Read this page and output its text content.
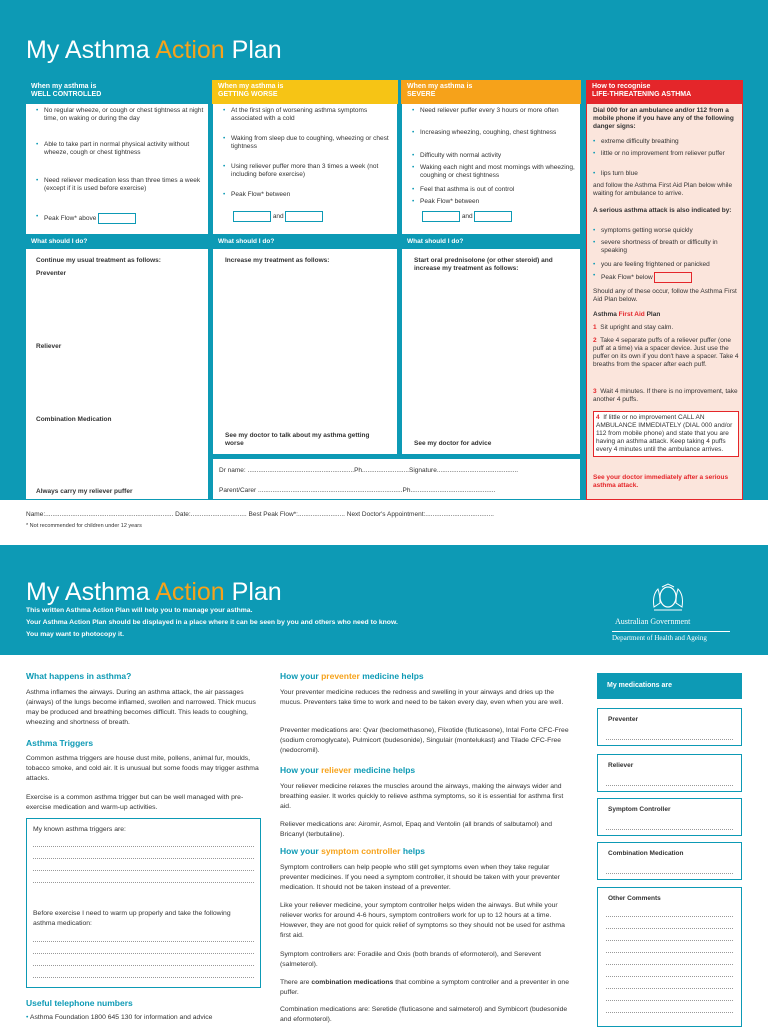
My Asthma Action Plan
When my asthma is
WELL CONTROLLED
• No regular wheeze, or cough or chest tightness at night time, on waking or during the day
• Able to take part in normal physical activity without wheeze, cough or chest tightness
• Need reliever medication less than three times a week (except if it is used before exercise)
• Peak Flow* above
What should I do?
Continue my usual treatment as follows:
Preventer
Reliever
Combination Medication
Always carry my reliever puffer
When my asthma is
GETTING WORSE
• At the first sign of worsening asthma symptoms associated with a cold
• Waking from sleep due to coughing, wheezing or chest tightness
• Using reliever puffer more than 3 times a week (not including before exercise)
• Peak Flow* between
and
What should I do?
Increase my treatment as follows:
See my doctor to talk about my asthma getting worse
When my asthma is
SEVERE
• Need reliever puffer every 3 hours or more often
• Increasing wheezing, coughing, chest tightness
• Difficulty with normal activity
• Waking each night and most mornings with wheezing, coughing or chest tightness
• Feel that asthma is out of control
• Peak Flow* between
and
What should I do?
Start oral prednisolone (or other steroid) and increase my treatment as follows:
See my doctor for advice
How to recognise
LIFE-THREATENING ASTHMA
Dial 000 for an ambulance and/or 112 from a mobile phone if you have any of the following danger signs:
• extreme difficulty breathing
• little or no improvement from reliever puffer
• lips turn blue
and follow the Asthma First Aid Plan below while waiting for ambulance to arrive.
A serious asthma attack is also indicated by:
• symptoms getting worse quickly
• severe shortness of breath or difficulty in speaking
• you are feeling frightened or panicked
• Peak Flow* below
Should any of these occur, follow the Asthma First Aid Plan below.
Asthma First Aid Plan
1 Sit upright and stay calm.
2 Take 4 separate puffs of a reliever puffer (one puff at a time) via a spacer device. Just use the puffer on its own if you don't have a spacer. Take 4 breaths from the spacer after each puff.
3 Wait 4 minutes. If there is no improvement, take another 4 puffs.
4 If little or no improvement CALL AN AMBULANCE IMMEDIATELY (DIAL 000 and/or 112 from mobile phone) and state that you are having an asthma attack. Keep taking 4 puffs every 4 minutes until the ambulance arrives.
See your doctor immediately after a serious asthma attack.
Dr name: ...........................................................Ph..........................Signature.............................................
Parent/Carer ................................................................................Ph...............................................
Name:....................................................................... Date:............................... Best Peak Flow*:.......................... Next Doctor's Appointment:......................................
* Not recommended for children under 12 years
My Asthma Action Plan
This written Asthma Action Plan will help you to manage your asthma.
Your Asthma Action Plan should be displayed in a place where it can be seen by you and others who need to know.
You may want to photocopy it.
Australian Government
Department of Health and Ageing
What happens in asthma?
Asthma inflames the airways. During an asthma attack, the air passages (airways) of the lungs become inflamed, swollen and narrowed. Thick mucus may be produced and breathing becomes difficult. This leads to coughing, wheezing and shortness of breath.
Asthma Triggers
Common asthma triggers are house dust mite, pollens, animal fur, moulds, tobacco smoke, and cold air. It is unusual but some foods may trigger asthma attacks.
Exercise is a common asthma trigger but can be well managed with pre-exercise medication and warm-up activities.
My known asthma triggers are:
Before exercise I need to warm up properly and take the following asthma medication:
Useful telephone numbers
• Asthma Foundation 1800 645 130 for information and advice
How your preventer medicine helps
Your preventer medicine reduces the redness and swelling in your airways and dries up the mucus. Preventers take time to work and need to be taken every day, even when you are well.
Preventer medications are: Qvar (beclomethasone), Flixotide (fluticasone), Intal Forte CFC-Free (sodium cromoglycate), Pulmicort (budesonide), Singulair (montelukast) and Tilade CFC-Free (nedocromil).
How your reliever medicine helps
Your reliever medicine relaxes the muscles around the airways, making the airways wider and breathing easier. It works quickly to relieve asthma symptoms, so it is essential for asthma first aid.
Reliever medications are: Airomir, Asmol, Epaq and Ventolin (all brands of salbutamol) and Bricanyl (terbutaline).
How your symptom controller helps
Symptom controllers can help people who still get symptoms even when they take regular preventer medicines. If you need a symptom controller, it should be taken with your preventer medication. It should not be taken instead of a preventer.
Like your reliever medicine, your symptom controller helps widen the airways. But while your reliever works for around 4-6 hours, symptom controllers work for up to 12 hours at a time. However, they are not good for quick relief of symptoms so they should not be used for asthma first aid.
Symptom controllers are: Foradile and Oxis (both brands of eformoterol), and Serevent (salmeterol).
There are combination medications that combine a symptom controller and a preventer in one puffer.
Combination medications are: Seretide (fluticasone and salmeterol) and Symbicort (budesonide and eformoterol).
My medications are
Preventer
Reliever
Symptom Controller
Combination Medication
Other Comments
